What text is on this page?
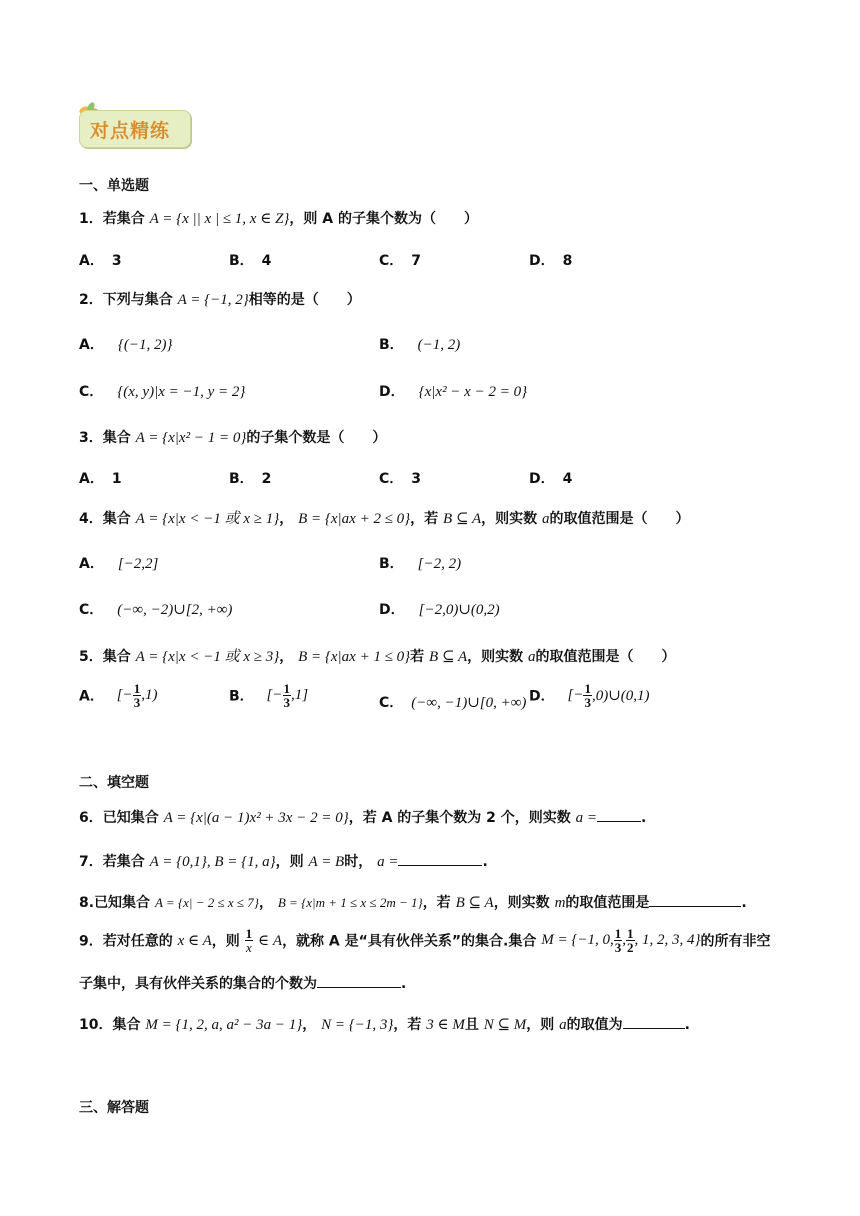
对点精练
一、单选题
1．若集合 A = {x || x | ≤ 1, x ∈ Z}，则 A 的子集个数为（　　）
A． 3	B． 4	C． 7	D． 8
2．下列与集合 A = {−1, 2}相等的是（　　）
A． {(−1, 2)}	B． (−1, 2)
C． {(x, y)|x = −1, y = 2}	D． {x|x² − x − 2 = 0}
3．集合 A = {x|x² − 1 = 0}的子集个数是（　　）
A． 1	B． 2	C． 3	D． 4
4．集合 A = {x|x < −1 或 x ≥ 1}， B = {x|ax + 2 ≤ 0}，若 B ⊆ A，则实数 a的取值范围是（　　）
A． [−2,2]	B． [−2, 2)
C． (−∞, −2)∪[2, +∞)	D． [−2,0)∪(0,2)
5．集合 A = {x|x < −1 或 x ≥ 3}， B = {x|ax + 1 ≤ 0}若 B ⊆ A，则实数 a的取值范围是（　　）
A． [− $\frac{1}{3} ,1$)	B． [− $\frac{1}{3} ,1$]	C． (−∞, −1)∪[0, +∞) D． [− $\frac{1}{3}$ ,0)∪(0,1)
二、填空题
6．已知集合 A = {x|(a − 1)x² + 3x − 2 = 0}，若 A 的子集个数为 2 个，则实数 a =	.
7．若集合 A = {0,1}, B = {1, a}，则 A = B时， a =	.
8.已知集合 A = {x| − 2 ≤ x ≤ 7}， B = {x|m + 1 ≤ x ≤ 2m − 1}，若 B ⊆ A，则实数 m的取值范围是	.
9．若对任意的 x ∈ A，则 $\frac{1}{x}$ ∈ A，就称 A 是“具有伙伴关系”的集合.集合 M = {−1, 0, $\frac{1}{3}$ , $\frac{1}{2}$ , 1, 2, 3, 4}的所有非空
子集中，具有伙伴关系的集合的个数为	.
10．集合 M = {1, 2, a, a² − 3a − 1}， N = {−1, 3}，若 3 ∈ M且 N ⊆ M，则 a的取值为	.
三、解答题
